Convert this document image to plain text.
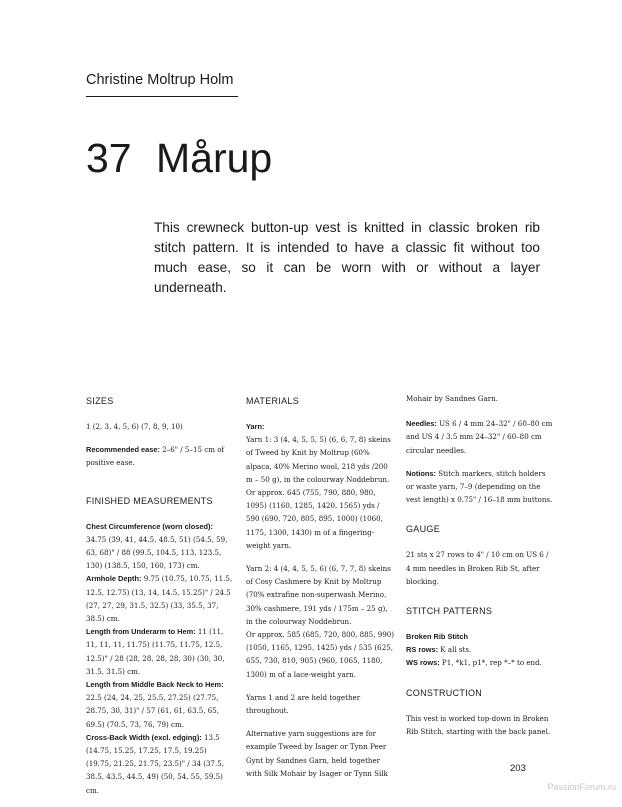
Christine Moltrup Holm
37 Mårup
This crewneck button-up vest is knitted in classic broken rib stitch pattern. It is intended to have a classic fit without too much ease, so it can be worn with or without a layer underneath.
SIZES
1 (2, 3, 4, 5, 6) (7, 8, 9, 10)
Recommended ease: 2–6" / 5–15 cm of positive ease.
FINISHED MEASUREMENTS
Chest Circumference (worn closed): 34.75 (39, 41, 44.5, 48.5, 51) (54.5, 59, 63, 68)" / 88 (99.5, 104.5, 113, 123.5, 130) (138.5, 150, 160, 173) cm.
Armhole Depth: 9.75 (10.75, 10.75, 11.5, 12.5, 12.75) (13, 14, 14.5, 15.25)" / 24.5 (27, 27, 29, 31.5, 32.5) (33, 35.5, 37, 38.5) cm.
Length from Underarm to Hem: 11 (11, 11, 11, 11, 11.75) (11.75, 11.75, 12.5, 12.5)" / 28 (28, 28, 28, 28, 30) (30, 30, 31.5, 31.5) cm.
Length from Middle Back Neck to Hem: 22.5 (24, 24, 25, 25.5, 27.25) (27.75, 28.75, 30, 31)" / 57 (61, 61, 63.5, 65, 69.5) (70.5, 73, 76, 79) cm.
Cross-Back Width (excl. edging): 13.5 (14.75, 15.25, 17.25, 17.5, 19.25) (19.75, 21.25, 21.75, 23.5)" / 34 (37.5, 38.5, 43.5, 44.5, 49) (50, 54, 55, 59.5) cm.
MATERIALS
Yarn:
Yarn 1: 3 (4, 4, 5, 5, 5) (6, 6, 7, 8) skeins of Tweed by Knit by Moltrup (60% alpaca, 40% Merino wool, 218 yds /200 m – 50 g), in the colourway Noddebrun.
Or approx. 645 (755, 790, 880, 980, 1095) (1160, 1285, 1420, 1565) yds / 590 (690, 720, 805, 895, 1000) (1060, 1175, 1300, 1430) m of a fingering-weight yarn.
Yarn 2: 4 (4, 4, 5, 5, 6) (6, 7, 7, 8) skeins of Cosy Cashmere by Knit by Moltrup (70% extrafine non-superwash Merino, 30% cashmere, 191 yds / 175m – 25 g), in the colourway Noddebrun.
Or approx. 585 (685, 720, 800, 885, 990) (1050, 1165, 1295, 1425) yds / 535 (625, 655, 730, 810, 905) (960, 1065, 1180, 1300) m of a lace-weight yarn.
Yarns 1 and 2 are held together throughout.
Alternative yarn suggestions are for example Tweed by Isager or Tynn Peer Gynt by Sandnes Garn, held together with Silk Mohair by Isager or Tynn Silk
Mohair by Sandnes Garn.
Needles: US 6 / 4 mm 24–32" / 60–80 cm and US 4 / 3.5 mm 24–32" / 60–80 cm circular needles.
Notions: Stitch markers, stitch holders or waste yarn, 7–9 (depending on the vest length) x 0.75" / 16–18 mm buttons.
GAUGE
21 sts x 27 rows to 4" / 10 cm on US 6 / 4 mm needles in Broken Rib St, after blocking.
STITCH PATTERNS
Broken Rib Stitch
RS rows: K all sts.
WS rows: P1, *k1, p1*, rep *–* to end.
CONSTRUCTION
This vest is worked top-down in Broken Rib Stitch, starting with the back panel.
203
PassionForum.ru
